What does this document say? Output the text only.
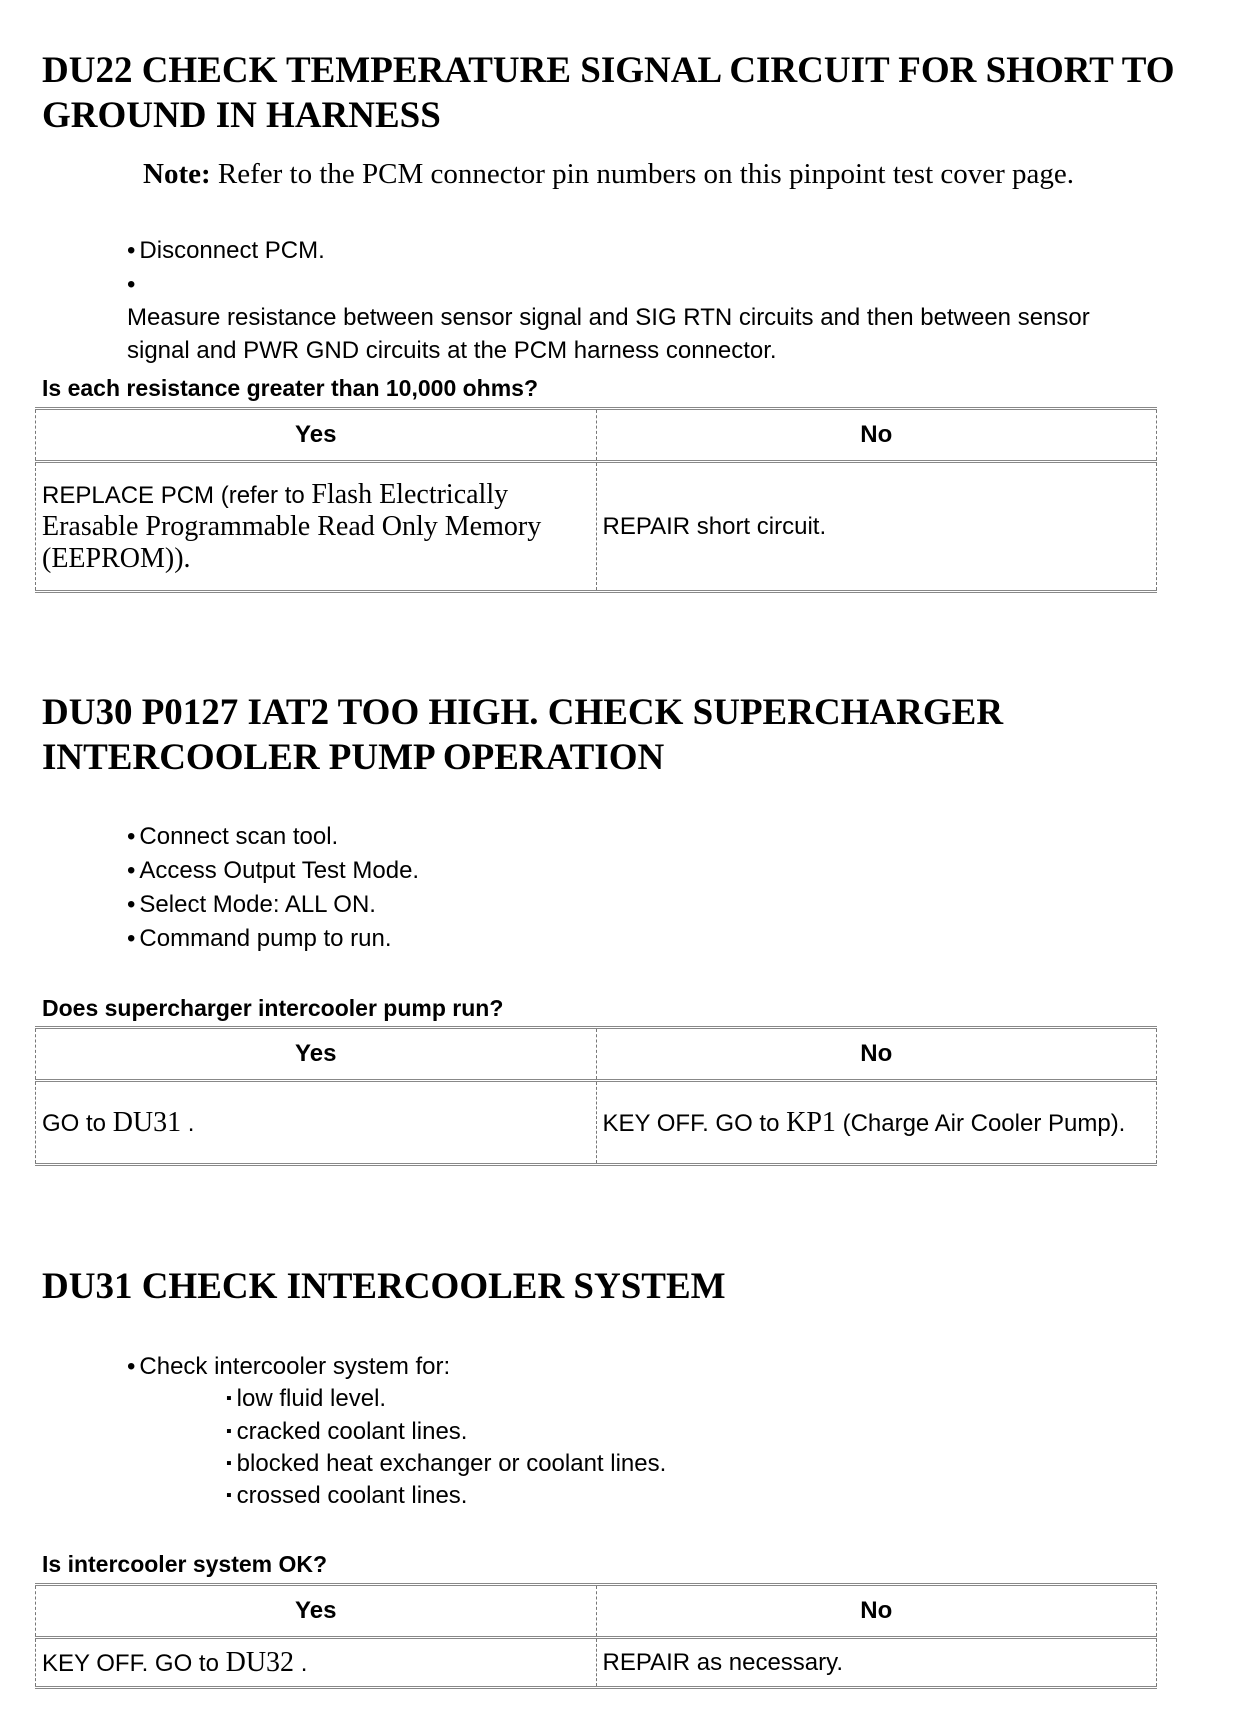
DU22 CHECK TEMPERATURE SIGNAL CIRCUIT FOR SHORT TO GROUND IN HARNESS
Note: Refer to the PCM connector pin numbers on this pinpoint test cover page.
• Disconnect PCM.
• Measure resistance between sensor signal and SIG RTN circuits and then between sensor signal and PWR GND circuits at the PCM harness connector.
Is each resistance greater than 10,000 ohms?
Yes	No
REPLACE PCM (refer to Flash Electrically Erasable Programmable Read Only Memory (EEPROM)).	REPAIR short circuit.
DU30 P0127 IAT2 TOO HIGH. CHECK SUPERCHARGER INTERCOOLER PUMP OPERATION
• Connect scan tool.
• Access Output Test Mode.
• Select Mode: ALL ON.
• Command pump to run.
Does supercharger intercooler pump run?
Yes	No
GO to DU31 .	KEY OFF. GO to KP1 (Charge Air Cooler Pump).
DU31 CHECK INTERCOOLER SYSTEM
• Check intercooler system for:
▪ low fluid level.
▪ cracked coolant lines.
▪ blocked heat exchanger or coolant lines.
▪ crossed coolant lines.
Is intercooler system OK?
Yes	No
KEY OFF. GO to DU32 .	REPAIR as necessary.
